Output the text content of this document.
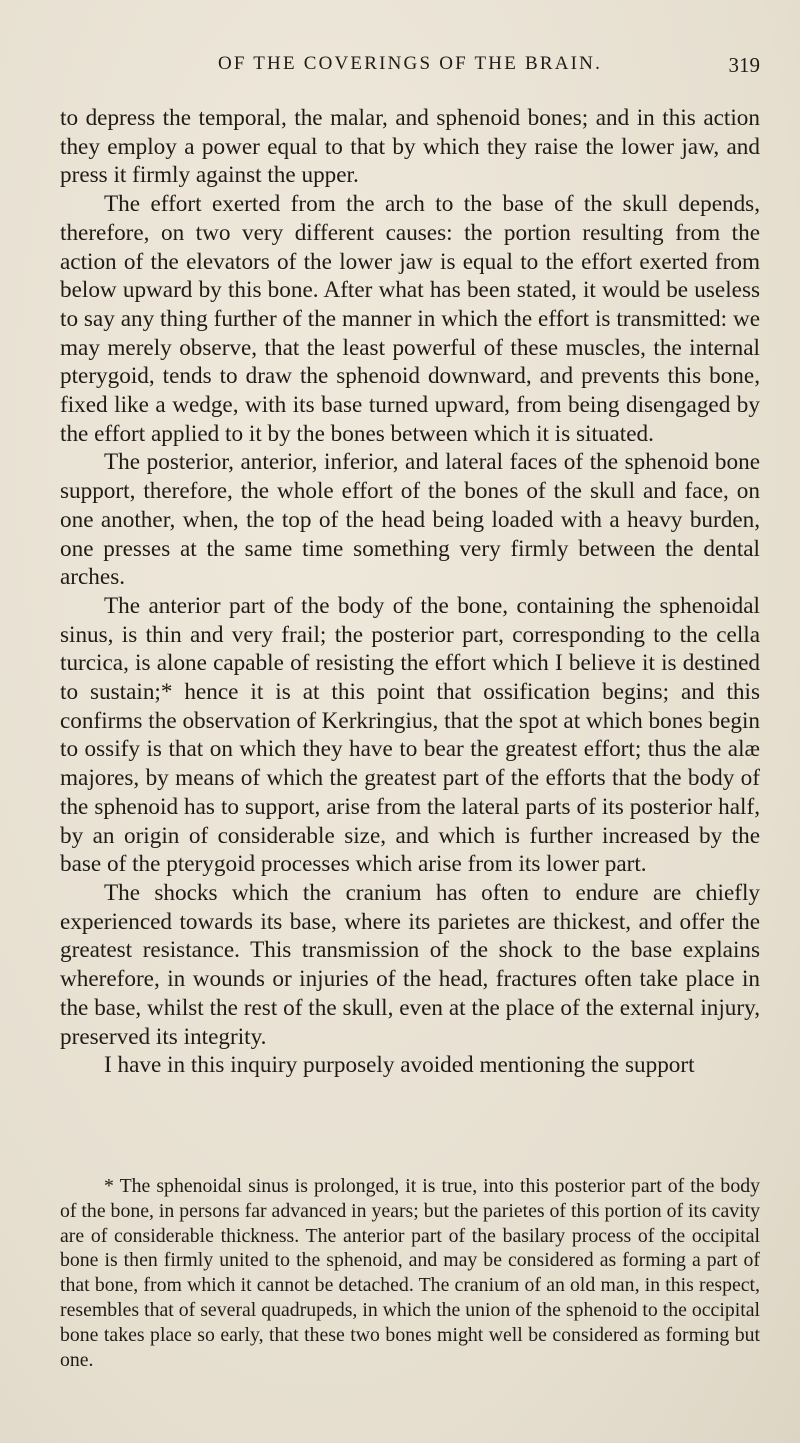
OF THE COVERINGS OF THE BRAIN.	319

to depress the temporal, the malar, and sphenoid bones; and in this action they employ a power equal to that by which they raise the lower jaw, and press it firmly against the upper.

The effort exerted from the arch to the base of the skull depends, therefore, on two very different causes: the portion resulting from the action of the elevators of the lower jaw is equal to the effort exerted from below upward by this bone. After what has been stated, it would be useless to say any thing further of the manner in which the effort is transmitted: we may merely observe, that the least powerful of these muscles, the internal pterygoid, tends to draw the sphenoid downward, and prevents this bone, fixed like a wedge, with its base turned upward, from being disengaged by the effort applied to it by the bones between which it is situated.

The posterior, anterior, inferior, and lateral faces of the sphenoid bone support, therefore, the whole effort of the bones of the skull and face, on one another, when, the top of the head being loaded with a heavy burden, one presses at the same time something very firmly between the dental arches.

The anterior part of the body of the bone, containing the sphenoidal sinus, is thin and very frail; the posterior part, corresponding to the cella turcica, is alone capable of resisting the effort which I believe it is destined to sustain;* hence it is at this point that ossification begins; and this confirms the observation of Kerkringius, that the spot at which bones begin to ossify is that on which they have to bear the greatest effort; thus the alæ majores, by means of which the greatest part of the efforts that the body of the sphenoid has to support, arise from the lateral parts of its posterior half, by an origin of considerable size, and which is further increased by the base of the pterygoid processes which arise from its lower part.

The shocks which the cranium has often to endure are chiefly experienced towards its base, where its parietes are thickest, and offer the greatest resistance. This transmission of the shock to the base explains wherefore, in wounds or injuries of the head, fractures often take place in the base, whilst the rest of the skull, even at the place of the external injury, preserved its integrity.

I have in this inquiry purposely avoided mentioning the support

* The sphenoidal sinus is prolonged, it is true, into this posterior part of the body of the bone, in persons far advanced in years; but the parietes of this portion of its cavity are of considerable thickness. The anterior part of the basilary process of the occipital bone is then firmly united to the sphenoid, and may be considered as forming a part of that bone, from which it cannot be detached. The cranium of an old man, in this respect, resembles that of several quadrupeds, in which the union of the sphenoid to the occipital bone takes place so early, that these two bones might well be considered as forming but one.
